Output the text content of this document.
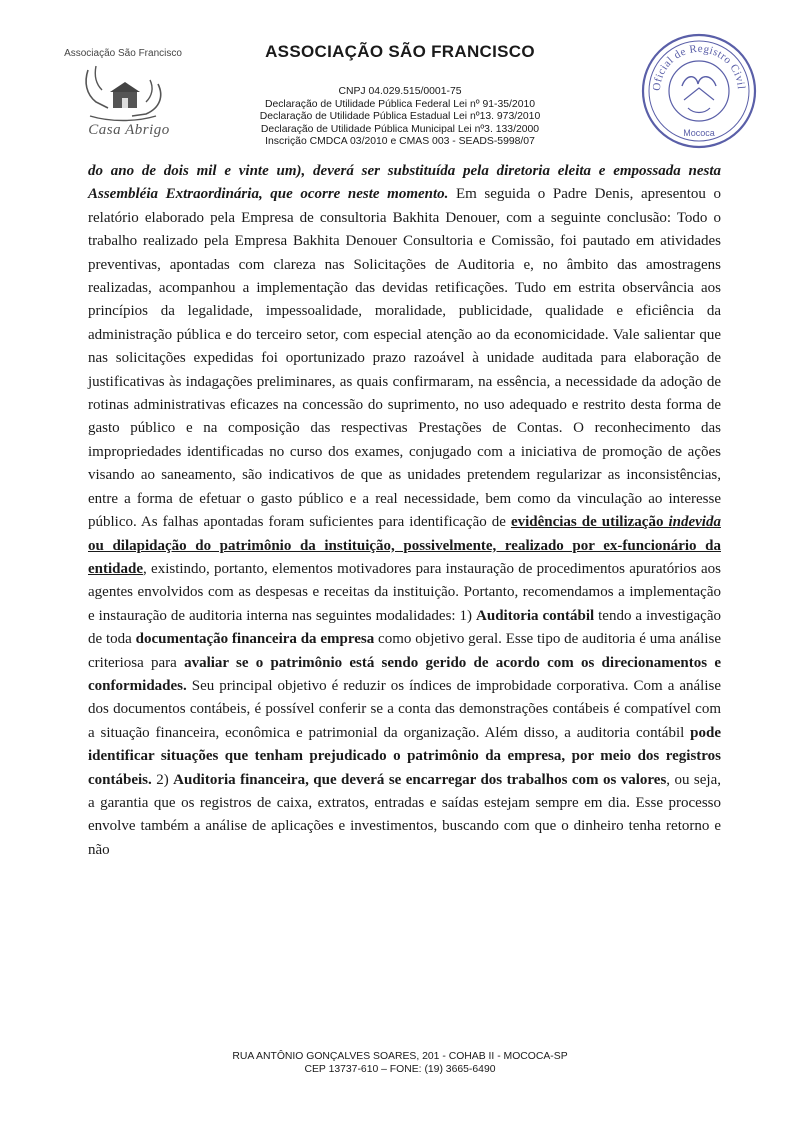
Associação São Francisco
Casa Abrigo
Oficial de Registro Civil
Mococa
ASSOCIAÇÃO SÃO FRANCISCO
CNPJ 04.029.515/0001-75
Declaração de Utilidade Pública Federal Lei nº 91-35/2010
Declaração de Utilidade Pública Estadual Lei nº13. 973/2010
Declaração de Utilidade Pública Municipal Lei nº3. 133/2000
Inscrição CMDCA 03/2010 e CMAS 003 - SEADS-5998/07

do ano de dois mil e vinte um), deverá ser substituída pela diretoria eleita e empossada nesta Assembléia Extraordinária, que ocorre neste momento. Em seguida o Padre Denis, apresentou o relatório elaborado pela Empresa de consultoria Bakhita Denouer, com a seguinte conclusão: Todo o trabalho realizado pela Empresa Bakhita Denouer Consultoria e Comissão, foi pautado em atividades preventivas, apontadas com clareza nas Solicitações de Auditoria e, no âmbito das amostragens realizadas, acompanhou a implementação das devidas retificações. Tudo em estrita observância aos princípios da legalidade, impessoalidade, moralidade, publicidade, qualidade e eficiência da administração pública e do terceiro setor, com especial atenção ao da economicidade. Vale salientar que nas solicitações expedidas foi oportunizado prazo razoável à unidade auditada para elaboração de justificativas às indagações preliminares, as quais confirmaram, na essência, a necessidade da adoção de rotinas administrativas eficazes na concessão do suprimento, no uso adequado e restrito desta forma de gasto público e na composição das respectivas Prestações de Contas. O reconhecimento das impropriedades identificadas no curso dos exames, conjugado com a iniciativa de promoção de ações visando ao saneamento, são indicativos de que as unidades pretendem regularizar as inconsistências, entre a forma de efetuar o gasto público e a real necessidade, bem como da vinculação ao interesse público. As falhas apontadas foram suficientes para identificação de evidências de utilização indevida ou dilapidação do patrimônio da instituição, possivelmente, realizado por ex-funcionário da entidade, existindo, portanto, elementos motivadores para instauração de procedimentos apuratórios aos agentes envolvidos com as despesas e receitas da instituição. Portanto, recomendamos a implementação e instauração de auditoria interna nas seguintes modalidades: 1) Auditoria contábil tendo a investigação de toda documentação financeira da empresa como objetivo geral. Esse tipo de auditoria é uma análise criteriosa para avaliar se o patrimônio está sendo gerido de acordo com os direcionamentos e conformidades. Seu principal objetivo é reduzir os índices de improbidade corporativa. Com a análise dos documentos contábeis, é possível conferir se a conta das demonstrações contábeis é compatível com a situação financeira, econômica e patrimonial da organização. Além disso, a auditoria contábil pode identificar situações que tenham prejudicado o patrimônio da empresa, por meio dos registros contábeis. 2) Auditoria financeira, que deverá se encarregar dos trabalhos com os valores, ou seja, a garantia que os registros de caixa, extratos, entradas e saídas estejam sempre em dia. Esse processo envolve também a análise de aplicações e investimentos, buscando com que o dinheiro tenha retorno e não

RUA ANTÔNIO GONÇALVES SOARES, 201 - COHAB II - MOCOCA-SP
CEP 13737-610 – FONE: (19) 3665-6490
